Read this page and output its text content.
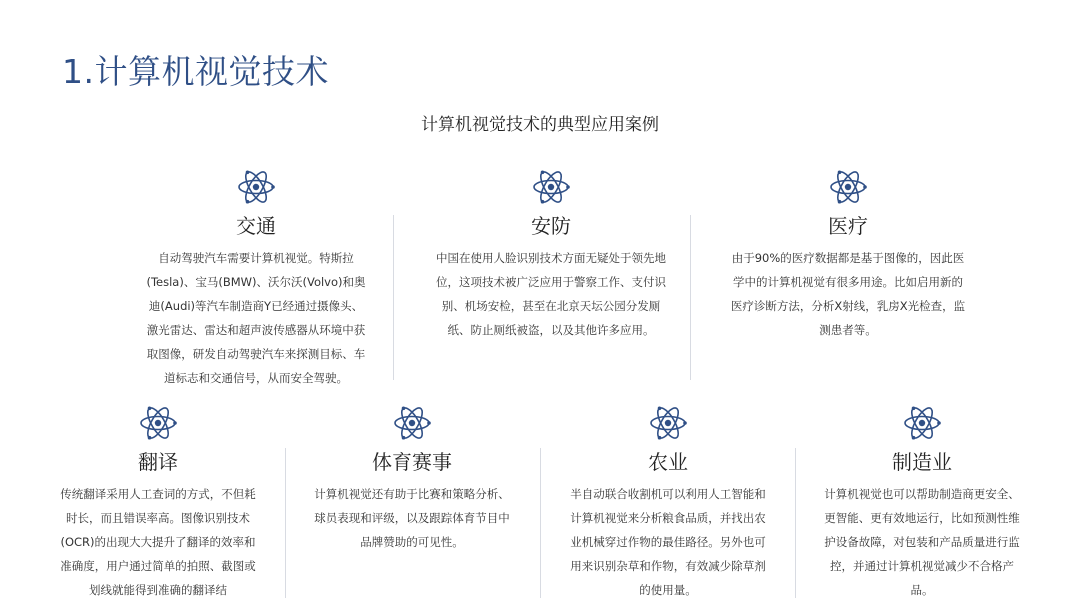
1.计算机视觉技术
计算机视觉技术的典型应用案例
交通
自动驾驶汽车需要计算机视觉。特斯拉(Tesla)、宝马(BMW)、沃尔沃(Volvo)和奥迪(Audi)等汽车制造商Y已经通过摄像头、激光雷达、雷达和超声波传感器从环境中获取图像，研发自动驾驶汽车来探测目标、车道标志和交通信号，从而安全驾驶。
安防
中国在使用人脸识别技术方面无疑处于领先地位，这项技术被广泛应用于警察工作、支付识别、机场安检，甚至在北京天坛公园分发厕纸、防止厕纸被盗，以及其他许多应用。
医疗
由于90%的医疗数据都是基于图像的，因此医学中的计算机视觉有很多用途。比如启用新的医疗诊断方法，分析X射线，乳房X光检查，监测患者等。
翻译
传统翻译采用人工查词的方式，不但耗时长，而且错误率高。图像识别技术(OCR)的出现大大提升了翻译的效率和准确度，用户通过简单的拍照、截图或划线就能得到准确的翻译结
体育赛事
计算机视觉还有助于比赛和策略分析、球员表现和评级，以及跟踪体育节目中品牌赞助的可见性。
农业
半自动联合收割机可以利用人工智能和计算机视觉来分析粮食品质，并找出农业机械穿过作物的最佳路径。另外也可用来识别杂草和作物，有效减少除草剂的使用量。
制造业
计算机视觉也可以帮助制造商更安全、更智能、更有效地运行，比如预测性维护设备故障，对包装和产品质量进行监控，并通过计算机视觉减少不合格产品。
